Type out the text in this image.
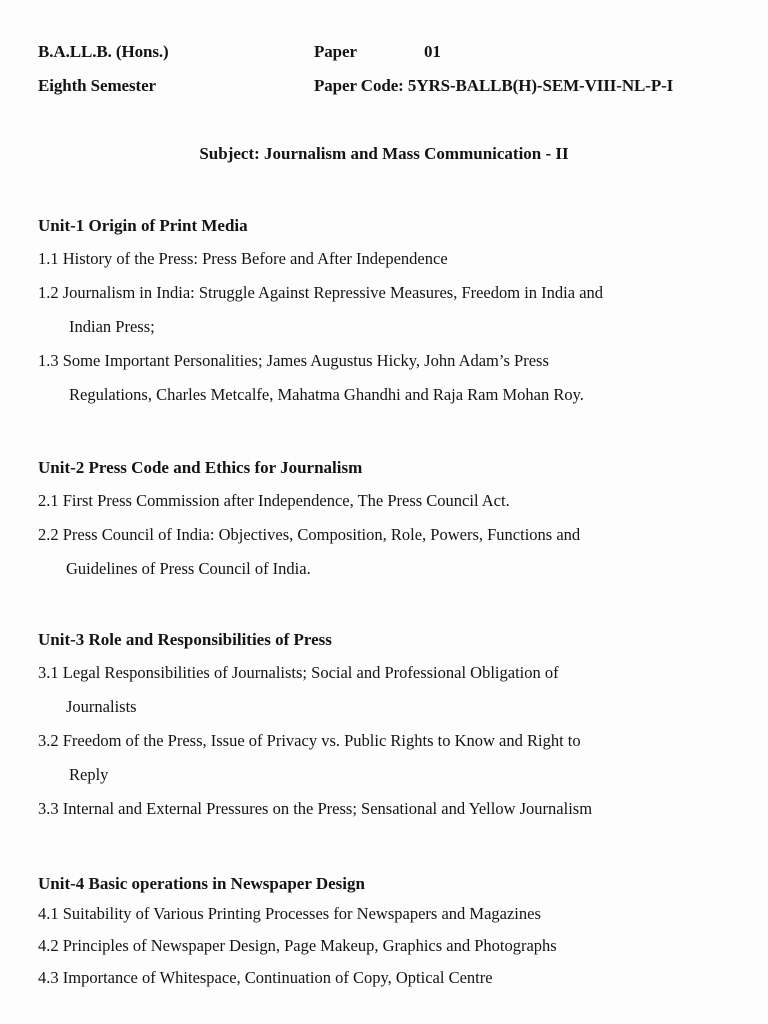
B.A.LL.B. (Hons.)
Eighth Semester
Paper	01
Paper Code: 5YRS-BALLB(H)-SEM-VIII-NL-P-I
Subject: Journalism and Mass Communication - II
Unit-1 Origin of Print Media

1.1 History of the Press: Press Before and After Independence

1.2 Journalism in India: Struggle Against Repressive Measures, Freedom in India and
Indian Press;

1.3 Some Important Personalities; James Augustus Hicky, John Adam’s Press
Regulations, Charles Metcalfe, Mahatma Ghandhi and Raja Ram Mohan Roy.

Unit-2 Press Code and Ethics for Journalism

2.1 First Press Commission after Independence, The Press Council Act.

2.2 Press Council of India: Objectives, Composition, Role, Powers, Functions and
Guidelines of Press Council of India.

Unit-3 Role and Responsibilities of Press

3.1 Legal Responsibilities of Journalists; Social and Professional Obligation of
Journalists

3.2 Freedom of the Press, Issue of Privacy vs. Public Rights to Know and Right to
Reply

3.3 Internal and External Pressures on the Press; Sensational and Yellow Journalism

Unit-4 Basic operations in Newspaper Design

4.1 Suitability of Various Printing Processes for Newspapers and Magazines

4.2 Principles of Newspaper Design, Page Makeup, Graphics and Photographs

4.3 Importance of Whitespace, Continuation of Copy, Optical Centre
